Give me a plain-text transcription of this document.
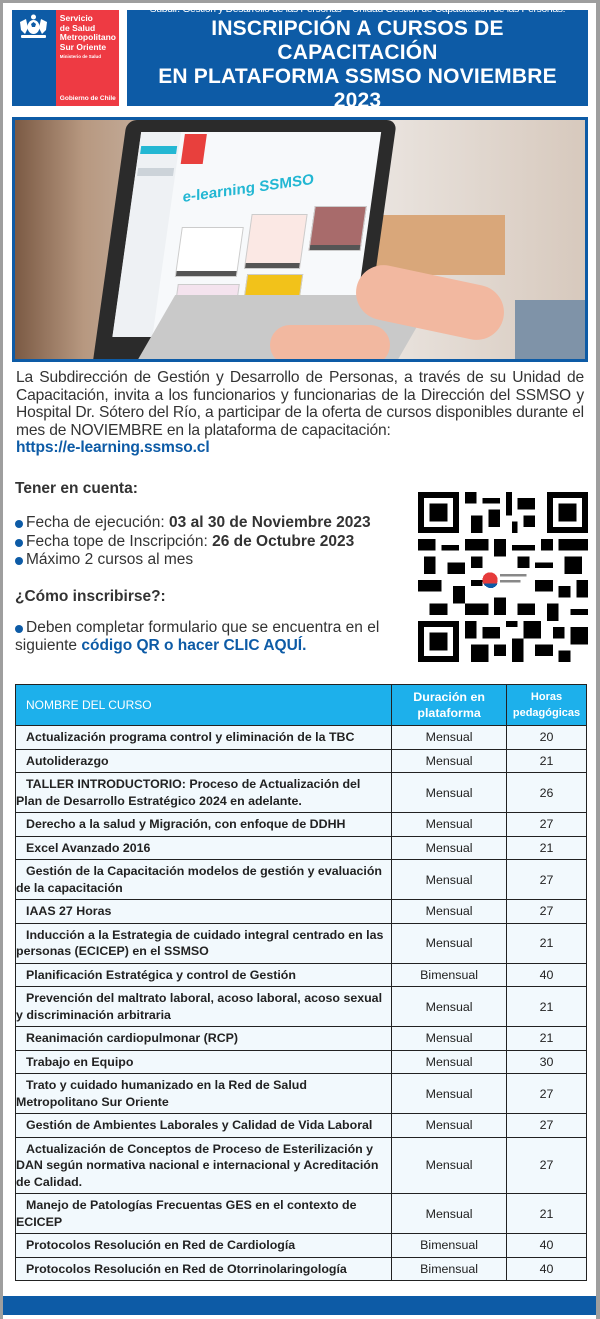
Servicio
de Salud
Metropolitano
Sur Oriente
Ministerio de Salud
Gobierno de Chile
Subdir. Gestión y Desarrollo de las Personas – Unidad Gestión de Capacitación de las Personas:
INSCRIPCIÓN A CURSOS DE CAPACITACIÓN
EN PLATAFORMA SSMSO NOVIEMBRE 2023
e-learning SSMSO
La Subdirección de Gestión y Desarrollo de Personas, a través de su Unidad de Capacitación, invita a los funcionarios y funcionarias de la Dirección del SSMSO y Hospital Dr. Sótero del Río, a participar de la oferta de cursos disponibles durante el mes de NOVIEMBRE en la plataforma de capacitación:
https://e-learning.ssmso.cl
Tener en cuenta:
Fecha de ejecución: 03 al 30 de Noviembre 2023
Fecha tope de Inscripción: 26 de Octubre 2023
Máximo 2 cursos al mes
¿Cómo inscribirse?:
Deben completar formulario que se encuentra en el siguiente código QR o hacer CLIC AQUÍ.
NOMBRE DEL CURSO	Duración en plataforma	Horas pedagógicas
Actualización programa control y eliminación de la TBC	Mensual	20
Autoliderazgo	Mensual	21
TALLER INTRODUCTORIO: Proceso de Actualización del Plan de Desarrollo Estratégico 2024 en adelante.	Mensual	26
Derecho a la salud y Migración, con enfoque de DDHH	Mensual	27
Excel Avanzado 2016	Mensual	21
Gestión de la Capacitación modelos de gestión y evaluación de la capacitación	Mensual	27
IAAS 27 Horas	Mensual	27
Inducción a la Estrategia de cuidado integral centrado en las personas (ECICEP) en el SSMSO	Mensual	21
Planificación Estratégica y control de Gestión	Bimensual	40
Prevención del maltrato laboral, acoso laboral, acoso sexual y discriminación arbitraria	Mensual	21
Reanimación cardiopulmonar (RCP)	Mensual	21
Trabajo en Equipo	Mensual	30
Trato y cuidado humanizado en la Red de Salud Metropolitano Sur Oriente	Mensual	27
Gestión de Ambientes Laborales y Calidad de Vida Laboral	Mensual	27
Actualización de Conceptos de Proceso de Esterilización y DAN según normativa nacional e internacional y Acreditación de Calidad.	Mensual	27
Manejo de Patologías Frecuentas GES en el contexto de ECICEP	Mensual	21
Protocolos Resolución en Red de Cardiología	Bimensual	40
Protocolos Resolución en Red de Otorrinolaringología	Bimensual	40
